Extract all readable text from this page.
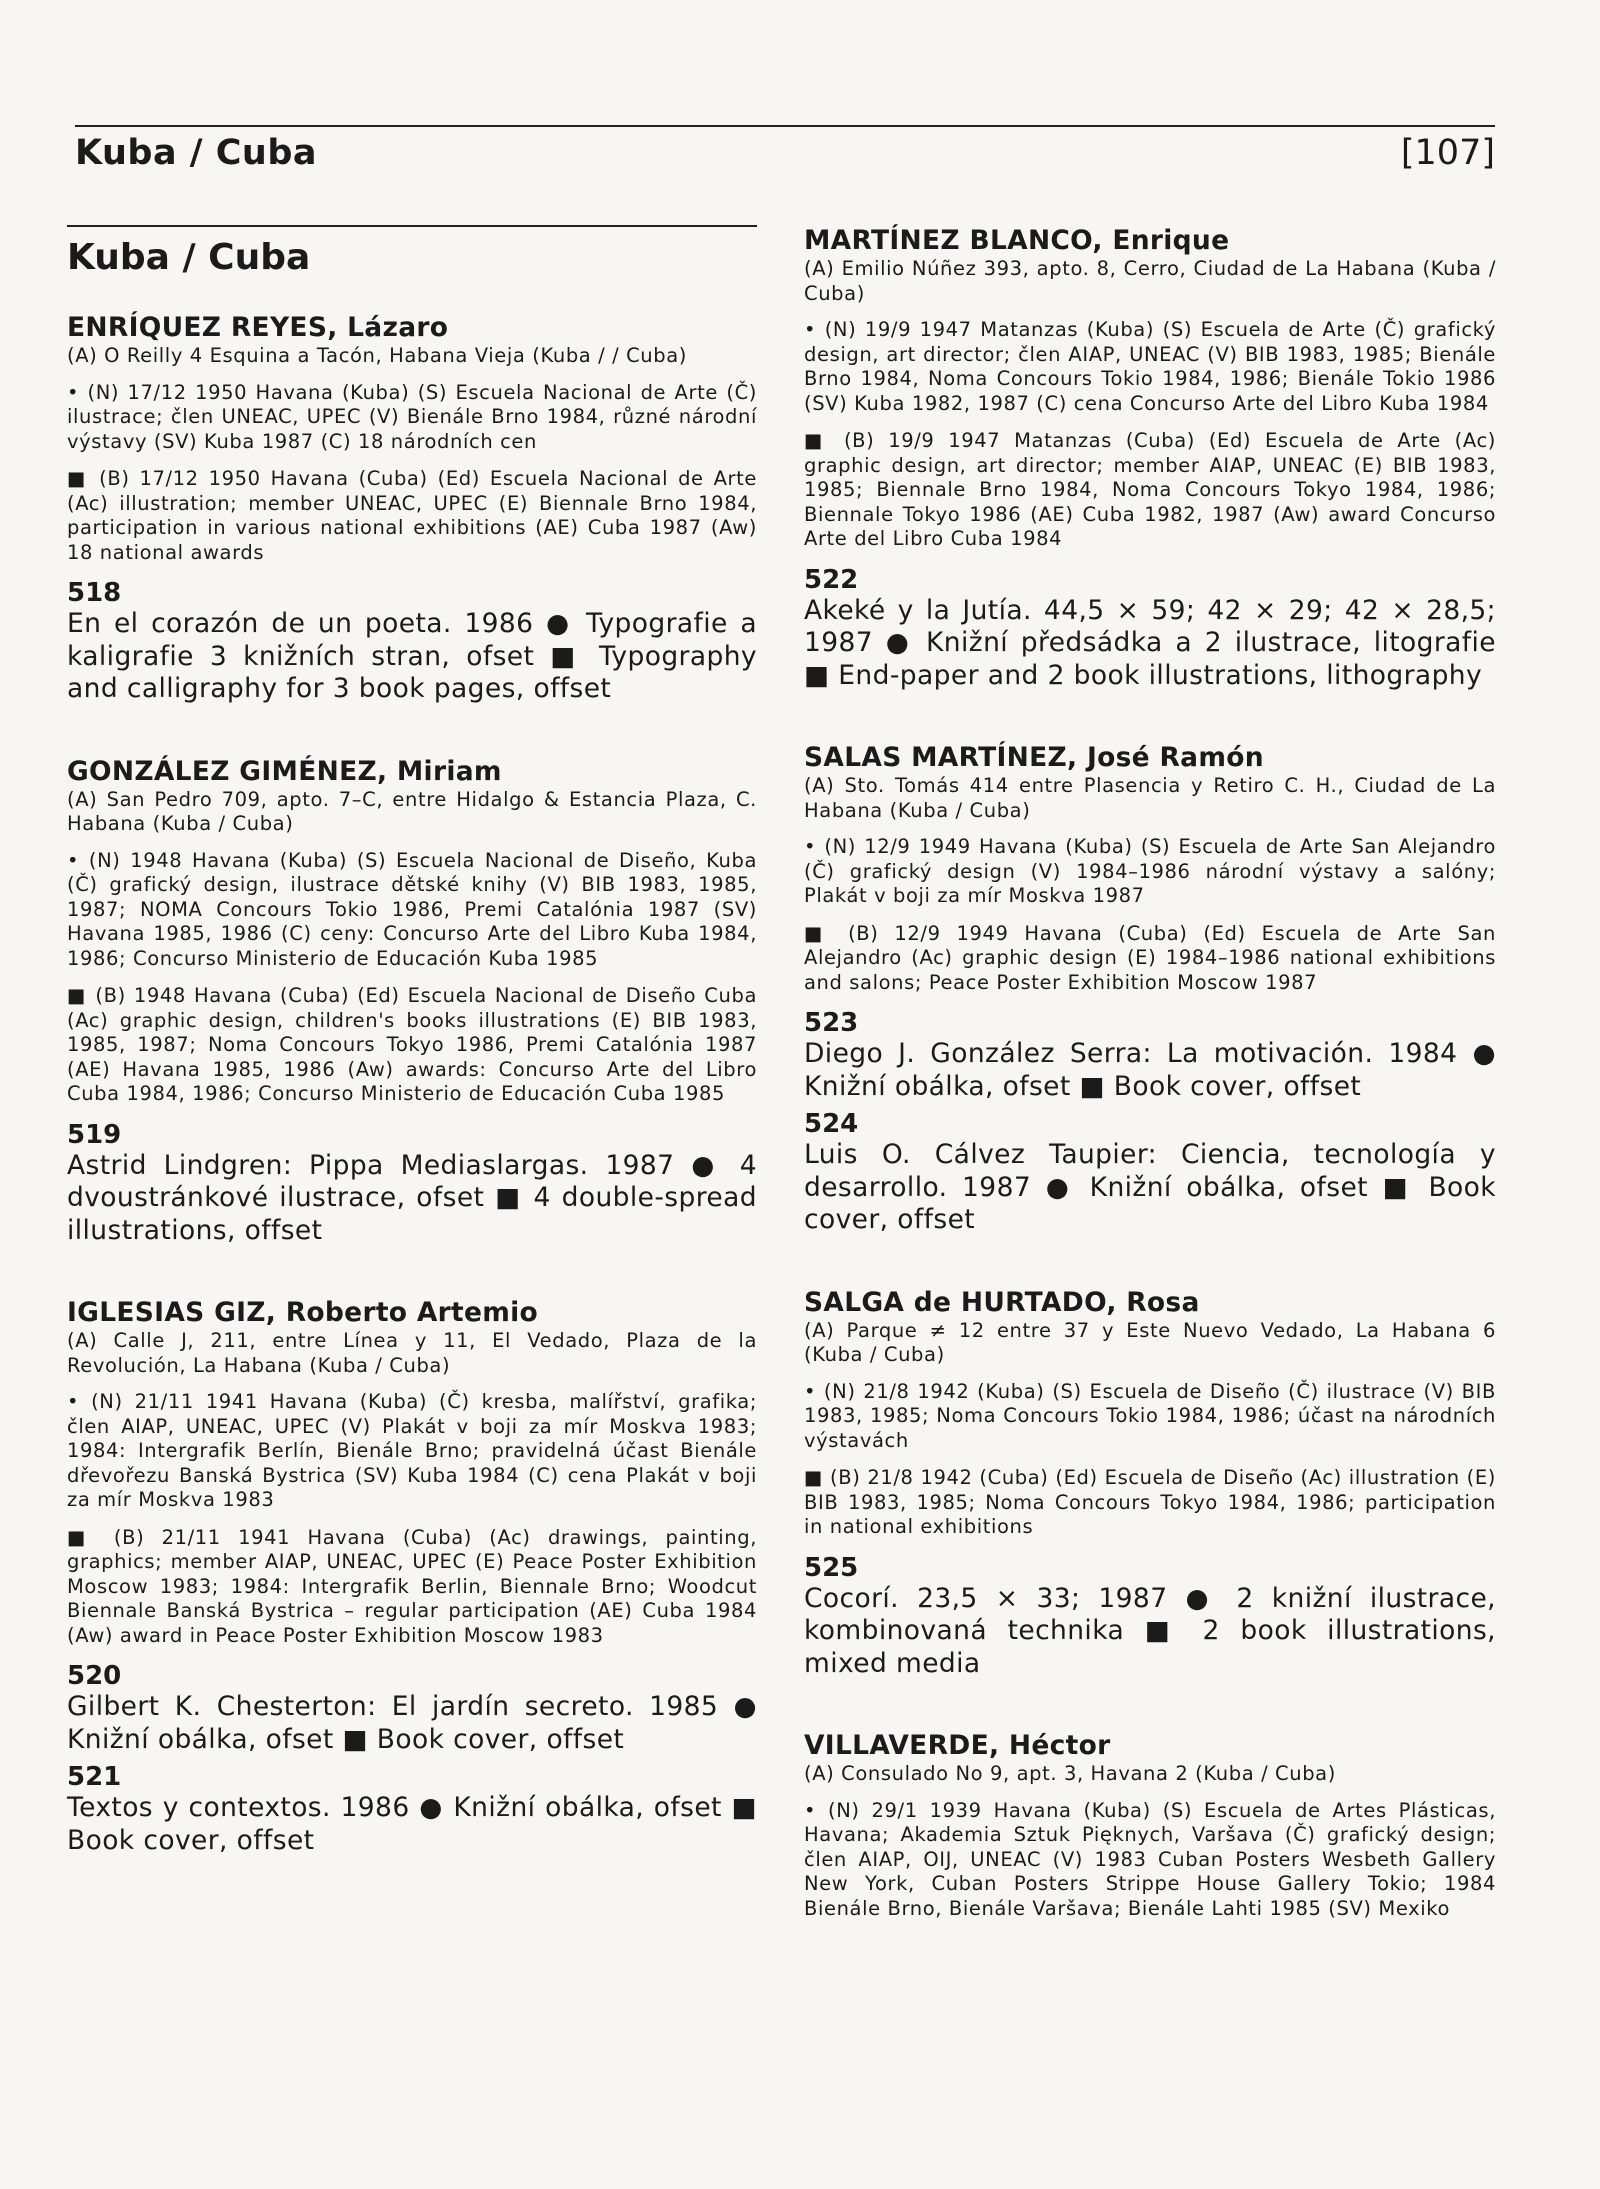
Kuba / Cuba	[107]
Kuba / Cuba
ENRÍQUEZ REYES, Lázaro

(A) O Reilly 4 Esquina a Tacón, Habana Vieja (Kuba / / Cuba)

• (N) 17/12 1950 Havana (Kuba) (S) Escuela Nacional de Arte (Č) ilustrace; člen UNEAC, UPEC (V) Bienále Brno 1984, různé národní výstavy (SV) Kuba 1987 (C) 18 národních cen

■ (B) 17/12 1950 Havana (Cuba) (Ed) Escuela Nacional de Arte (Ac) illustration; member UNEAC, UPEC (E) Biennale Brno 1984, participation in various national exhibitions (AE) Cuba 1987 (Aw) 18 national awards

518

En el corazón de un poeta. 1986 ● Typografie a kaligrafie 3 knižních stran, ofset ■ Typography and calligraphy for 3 book pages, offset

GONZÁLEZ GIMÉNEZ, Miriam

(A) San Pedro 709, apto. 7–C, entre Hidalgo & Estancia Plaza, C. Habana (Kuba / Cuba)

• (N) 1948 Havana (Kuba) (S) Escuela Nacional de Diseño, Kuba (Č) grafický design, ilustrace dětské knihy (V) BIB 1983, 1985, 1987; NOMA Concours Tokio 1986, Premi Catalónia 1987 (SV) Havana 1985, 1986 (C) ceny: Concurso Arte del Libro Kuba 1984, 1986; Concurso Ministerio de Educación Kuba 1985

■ (B) 1948 Havana (Cuba) (Ed) Escuela Nacional de Diseño Cuba (Ac) graphic design, children's books illustrations (E) BIB 1983, 1985, 1987; Noma Concours Tokyo 1986, Premi Catalónia 1987 (AE) Havana 1985, 1986 (Aw) awards: Concurso Arte del Libro Cuba 1984, 1986; Concurso Ministerio de Educación Cuba 1985

519

Astrid Lindgren: Pippa Mediaslargas. 1987 ● 4 dvoustránkové ilustrace, ofset ■ 4 double-spread illustrations, offset

IGLESIAS GIZ, Roberto Artemio

(A) Calle J, 211, entre Línea y 11, El Vedado, Plaza de la Revolución, La Habana (Kuba / Cuba)

• (N) 21/11 1941 Havana (Kuba) (Č) kresba, malířství, grafika; člen AIAP, UNEAC, UPEC (V) Plakát v boji za mír Moskva 1983; 1984: Intergrafik Berlín, Bienále Brno; pravidelná účast Bienále dřevořezu Banská Bystrica (SV) Kuba 1984 (C) cena Plakát v boji za mír Moskva 1983

■ (B) 21/11 1941 Havana (Cuba) (Ac) drawings, painting, graphics; member AIAP, UNEAC, UPEC (E) Peace Poster Exhibition Moscow 1983; 1984: Intergrafik Berlin, Biennale Brno; Woodcut Biennale Banská Bystrica – regular participation (AE) Cuba 1984 (Aw) award in Peace Poster Exhibition Moscow 1983

520

Gilbert K. Chesterton: El jardín secreto. 1985 ● Knižní obálka, ofset ■ Book cover, offset

521

Textos y contextos. 1986 ● Knižní obálka, ofset ■ Book cover, offset

MARTÍNEZ BLANCO, Enrique

(A) Emilio Núñez 393, apto. 8, Cerro, Ciudad de La Habana (Kuba / Cuba)

• (N) 19/9 1947 Matanzas (Kuba) (S) Escuela de Arte (Č) grafický design, art director; člen AIAP, UNEAC (V) BIB 1983, 1985; Bienále Brno 1984, Noma Concours Tokio 1984, 1986; Bienále Tokio 1986 (SV) Kuba 1982, 1987 (C) cena Concurso Arte del Libro Kuba 1984

■ (B) 19/9 1947 Matanzas (Cuba) (Ed) Escuela de Arte (Ac) graphic design, art director; member AIAP, UNEAC (E) BIB 1983, 1985; Biennale Brno 1984, Noma Concours Tokyo 1984, 1986; Biennale Tokyo 1986 (AE) Cuba 1982, 1987 (Aw) award Concurso Arte del Libro Cuba 1984

522

Akeké y la Jutía. 44,5 × 59; 42 × 29; 42 × 28,5; 1987 ● Knižní předsádka a 2 ilustrace, litografie ■ End-paper and 2 book illustrations, lithography

SALAS MARTÍNEZ, José Ramón

(A) Sto. Tomás 414 entre Plasencia y Retiro C. H., Ciudad de La Habana (Kuba / Cuba)

• (N) 12/9 1949 Havana (Kuba) (S) Escuela de Arte San Alejandro (Č) grafický design (V) 1984–1986 národní výstavy a salóny; Plakát v boji za mír Moskva 1987

■ (B) 12/9 1949 Havana (Cuba) (Ed) Escuela de Arte San Alejandro (Ac) graphic design (E) 1984–1986 national exhibitions and salons; Peace Poster Exhibition Moscow 1987

523

Diego J. González Serra: La motivación. 1984 ● Knižní obálka, ofset ■ Book cover, offset

524

Luis O. Cálvez Taupier: Ciencia, tecnología y desarrollo. 1987 ● Knižní obálka, ofset ■ Book cover, offset

SALGA de HURTADO, Rosa

(A) Parque ≠ 12 entre 37 y Este Nuevo Vedado, La Habana 6 (Kuba / Cuba)

• (N) 21/8 1942 (Kuba) (S) Escuela de Diseño (Č) ilustrace (V) BIB 1983, 1985; Noma Concours Tokio 1984, 1986; účast na národních výstavách

■ (B) 21/8 1942 (Cuba) (Ed) Escuela de Diseño (Ac) illustration (E) BIB 1983, 1985; Noma Concours Tokyo 1984, 1986; participation in national exhibitions

525

Cocorí. 23,5 × 33; 1987 ● 2 knižní ilustrace, kombinovaná technika ■ 2 book illustrations, mixed media

VILLAVERDE, Héctor

(A) Consulado No 9, apt. 3, Havana 2 (Kuba / Cuba)

• (N) 29/1 1939 Havana (Kuba) (S) Escuela de Artes Plásticas, Havana; Akademia Sztuk Pięknych, Varšava (Č) grafický design; člen AIAP, OIJ, UNEAC (V) 1983 Cuban Posters Wesbeth Gallery New York, Cuban Posters Strippe House Gallery Tokio; 1984 Bienále Brno, Bienále Varšava; Bienále Lahti 1985 (SV) Mexiko
